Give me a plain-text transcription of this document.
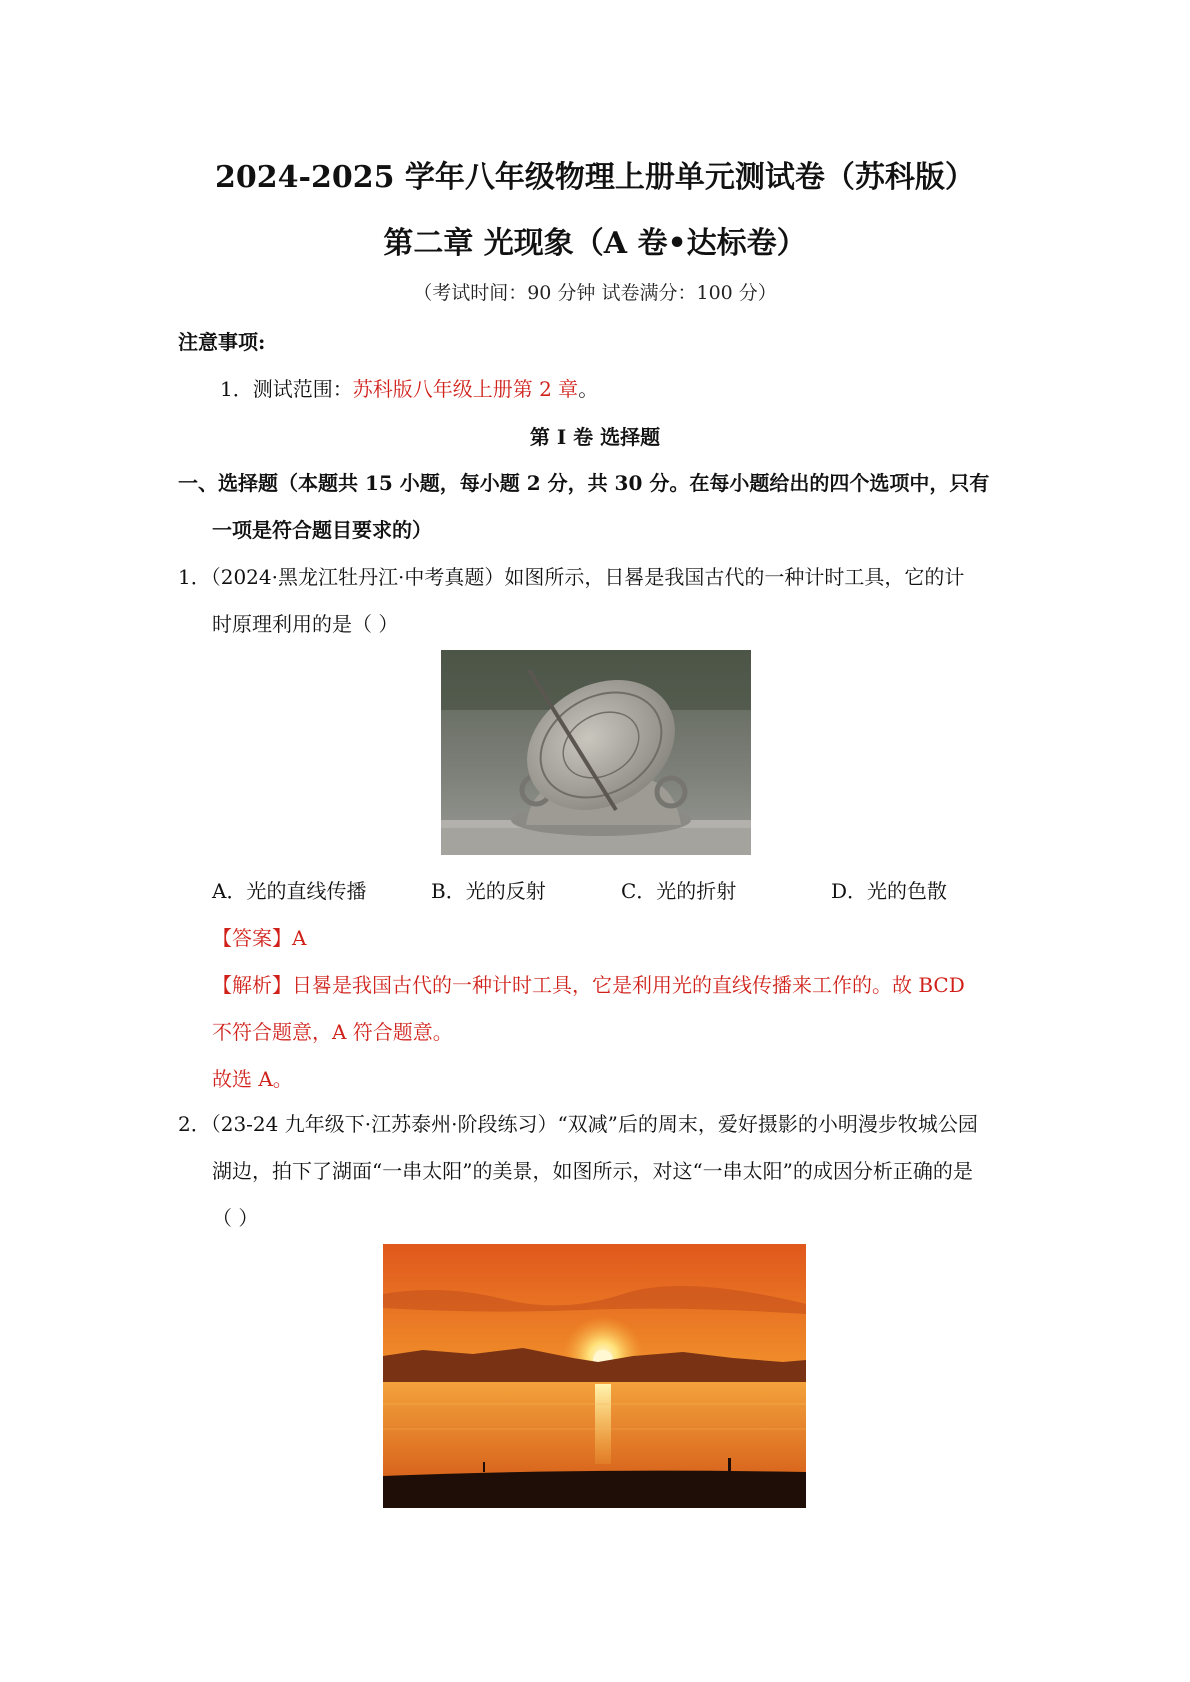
2024-2025 学年八年级物理上册单元测试卷（苏科版）
第二章 光现象（A 卷•达标卷）
（考试时间：90 分钟 试卷满分：100 分）
注意事项:
1．测试范围：苏科版八年级上册第 2 章。
第 I 卷 选择题
一、选择题（本题共 15 小题，每小题 2 分，共 30 分。在每小题给出的四个选项中，只有
一项是符合题目要求的）
1．（2024·黑龙江牡丹江·中考真题）如图所示，日晷是我国古代的一种计时工具，它的计
时原理利用的是（ ）
A．光的直线传播	B．光的反射	C．光的折射	D．光的色散
【答案】A
【解析】日晷是我国古代的一种计时工具，它是利用光的直线传播来工作的。故 BCD
不符合题意，A 符合题意。
故选 A。
2．（23-24 九年级下·江苏泰州·阶段练习）“双减”后的周末，爱好摄影的小明漫步牧城公园
湖边，拍下了湖面“一串太阳”的美景，如图所示，对这“一串太阳”的成因分析正确的是
（ ）
